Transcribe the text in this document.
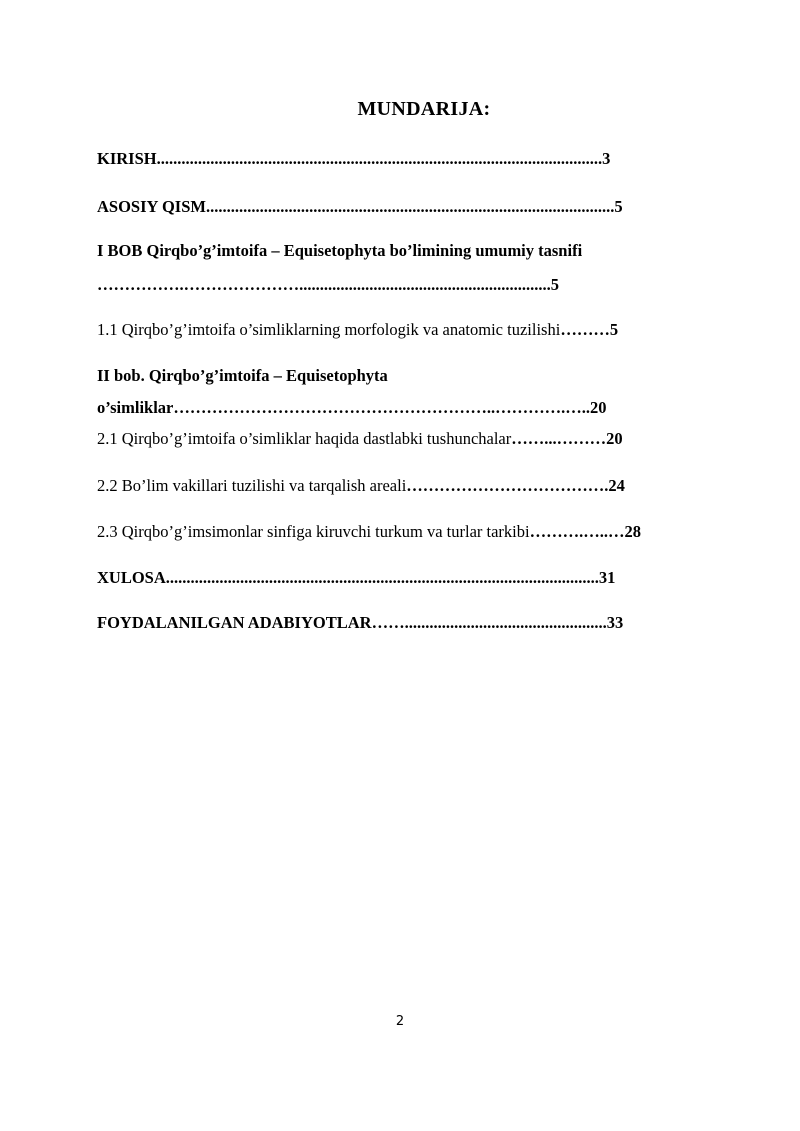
MUNDARIJA:
KIRISH............................................................................................................3
ASOSIY QISM...................................................................................................5
I BOB Qirqbo’g’imtoifa – Equisetophyta bo’limining umumiy tasnifi
…………….………………….............................................................5
1.1 Qirqbo’g’imtoifa o’simliklarning morfologik va anatomic tuzilishi………5
II bob. Qirqbo’g’imtoifa – Equisetophyta
o’simliklar…………………………………………………..………….…..20
2.1 Qirqbo’g’imtoifa o’simliklar haqida dastlabki tushunchalar……...………20
2.2 Bo’lim vakillari tuzilishi va tarqalish areali……………………………….24
2.3 Qirqbo’g’imsimonlar sinfiga kiruvchi turkum va turlar tarkibi……….…..…28
XULOSA.........................................................................................................31
FOYDALANILGAN ADABIYOTLAR…….................................................33
2
